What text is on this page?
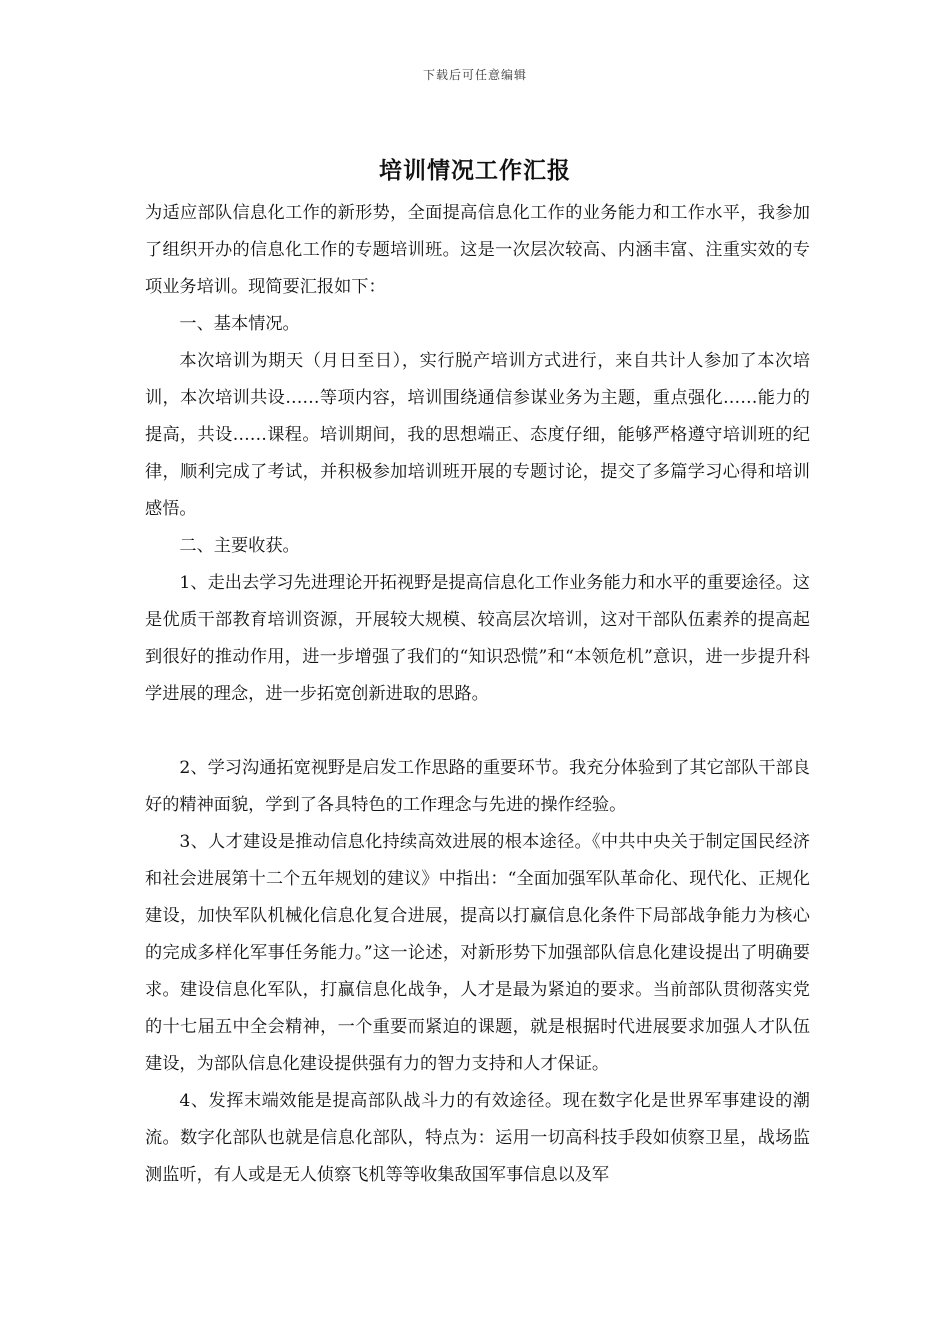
下载后可任意编辑
培训情况工作汇报

为适应部队信息化工作的新形势，全面提高信息化工作的业务能力和工作水平，我参加了组织开办的信息化工作的专题培训班。这是一次层次较高、内涵丰富、注重实效的专项业务培训。现简要汇报如下：

一、基本情况。

本次培训为期天（月日至日），实行脱产培训方式进行，来自共计人参加了本次培训，本次培训共设……等项内容，培训围绕通信参谋业务为主题，重点强化……能力的提高，共设……课程。培训期间，我的思想端正、态度仔细，能够严格遵守培训班的纪律，顺利完成了考试，并积极参加培训班开展的专题讨论，提交了多篇学习心得和培训感悟。

二、主要收获。

1、走出去学习先进理论开拓视野是提高信息化工作业务能力和水平的重要途径。这是优质干部教育培训资源，开展较大规模、较高层次培训，这对干部队伍素养的提高起到很好的推动作用，进一步增强了我们的“知识恐慌”和“本领危机”意识，进一步提升科学进展的理念，进一步拓宽创新进取的思路。

2、学习沟通拓宽视野是启发工作思路的重要环节。我充分体验到了其它部队干部良好的精神面貌，学到了各具特色的工作理念与先进的操作经验。

3、人才建设是推动信息化持续高效进展的根本途径。《中共中央关于制定国民经济和社会进展第十二个五年规划的建议》中指出：“全面加强军队革命化、现代化、正规化建设，加快军队机械化信息化复合进展，提高以打赢信息化条件下局部战争能力为核心的完成多样化军事任务能力。”这一论述，对新形势下加强部队信息化建设提出了明确要求。建设信息化军队，打赢信息化战争，人才是最为紧迫的要求。当前部队贯彻落实党的十七届五中全会精神，一个重要而紧迫的课题，就是根据时代进展要求加强人才队伍建设，为部队信息化建设提供强有力的智力支持和人才保证。

4、发挥末端效能是提高部队战斗力的有效途径。现在数字化是世界军事建设的潮流。数字化部队也就是信息化部队，特点为：运用一切高科技手段如侦察卫星，战场监测监听，有人或是无人侦察飞机等等收集敌国军事信息以及军
